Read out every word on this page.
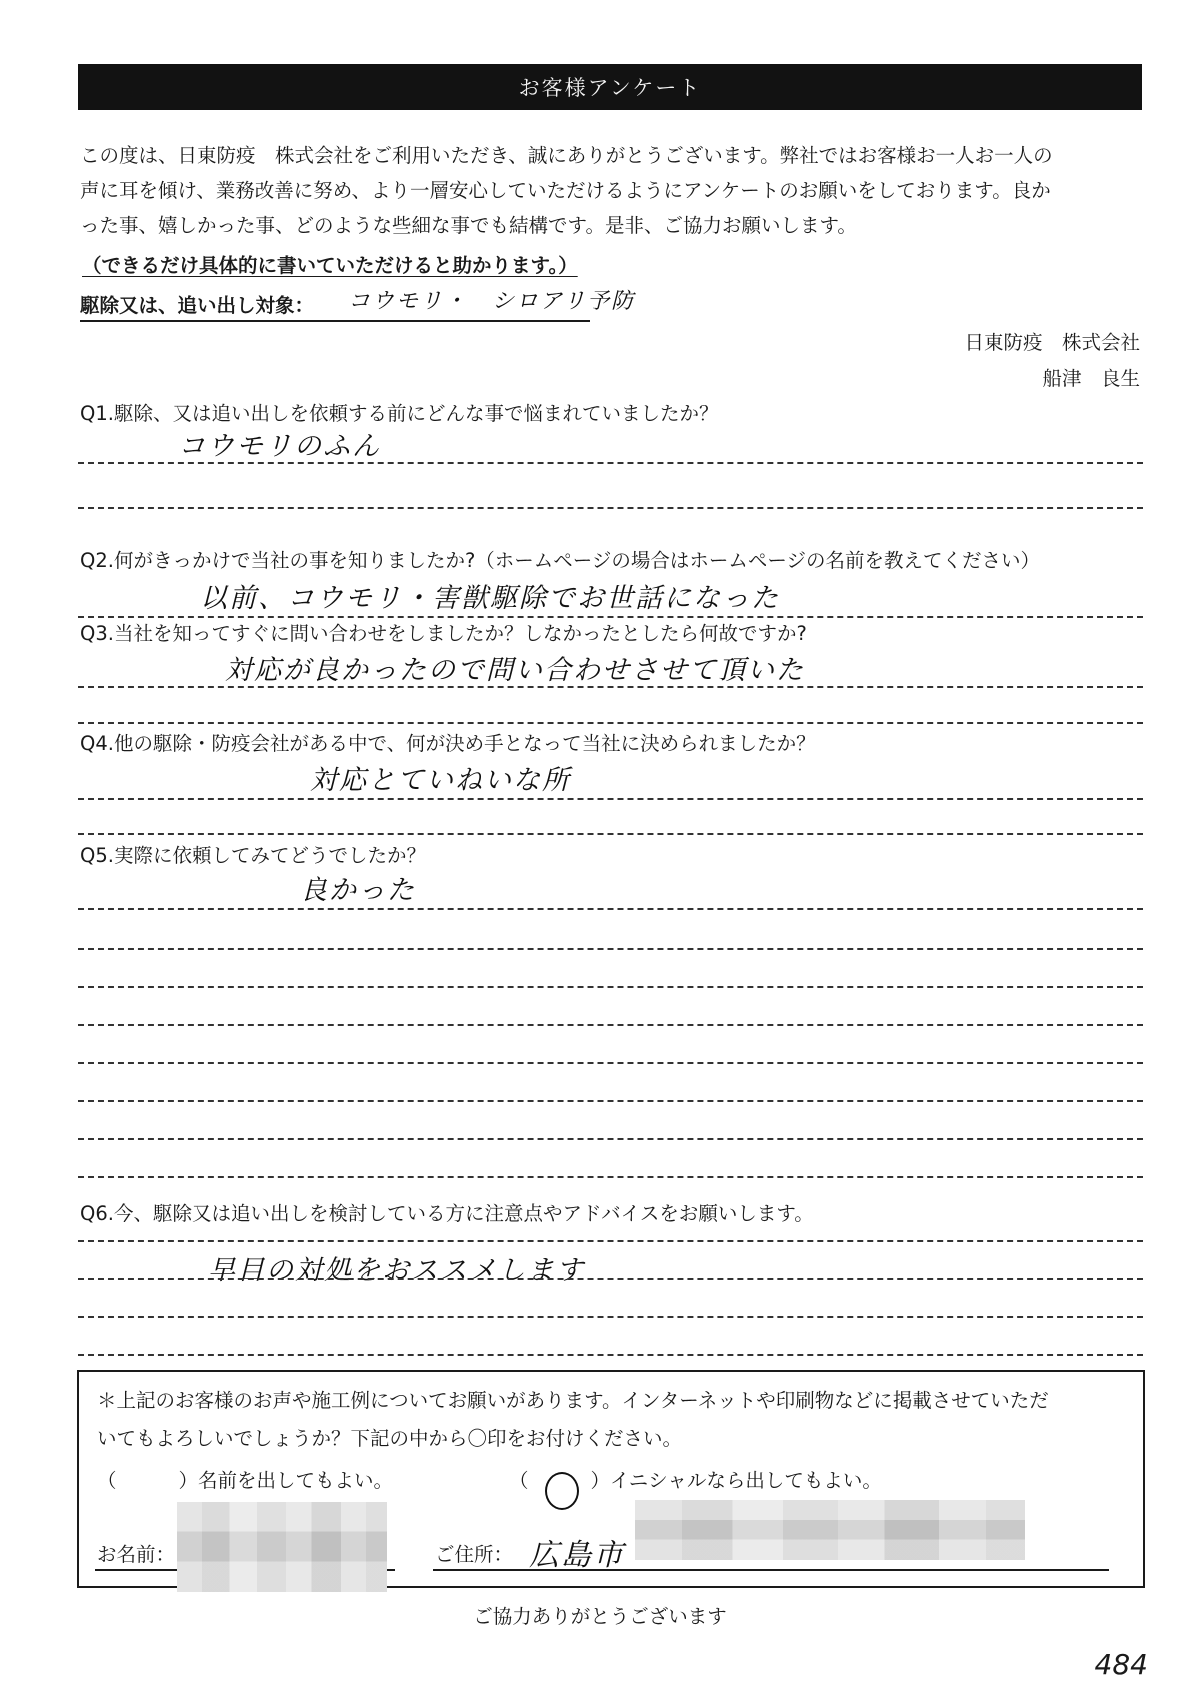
お客様アンケート
この度は、日東防疫　株式会社をご利用いただき、誠にありがとうございます。弊社ではお客様お一人お一人の
声に耳を傾け、業務改善に努め、より一層安心していただけるようにアンケートのお願いをしております。良か
った事、嬉しかった事、どのような些細な事でも結構です。是非、ご協力お願いします。
（できるだけ具体的に書いていただけると助かります。）
駆除又は、追い出し対象： コウモリ・　シロアリ予防
日東防疫　株式会社
船津　良生
Q1.駆除、又は追い出しを依頼する前にどんな事で悩まれていましたか？
コウモリのふん
Q2.何がきっかけで当社の事を知りましたか?（ホームページの場合はホームページの名前を教えてください）
以前、コウモリ・害獣駆除でお世話になった
Q3.当社を知ってすぐに問い合わせをしましたか？しなかったとしたら何故ですか?
対応が良かったので問い合わせさせて頂いた
Q4.他の駆除・防疫会社がある中で、何が決め手となって当社に決められましたか？
対応とていねいな所
Q5.実際に依頼してみてどうでしたか？
良かった
Q6.今、駆除又は追い出しを検討している方に注意点やアドバイスをお願いします。
早目の対処をおススメします
＊上記のお客様のお声や施工例についてお願いがあります。インターネットや印刷物などに掲載させていただ
いてもよろしいでしょうか？下記の中から〇印をお付けください。
（	） 名前を出してもよい。	（	） イニシャルなら出してもよい。
お名前：	ご住所： 広島市
ご協力ありがとうございます
484
